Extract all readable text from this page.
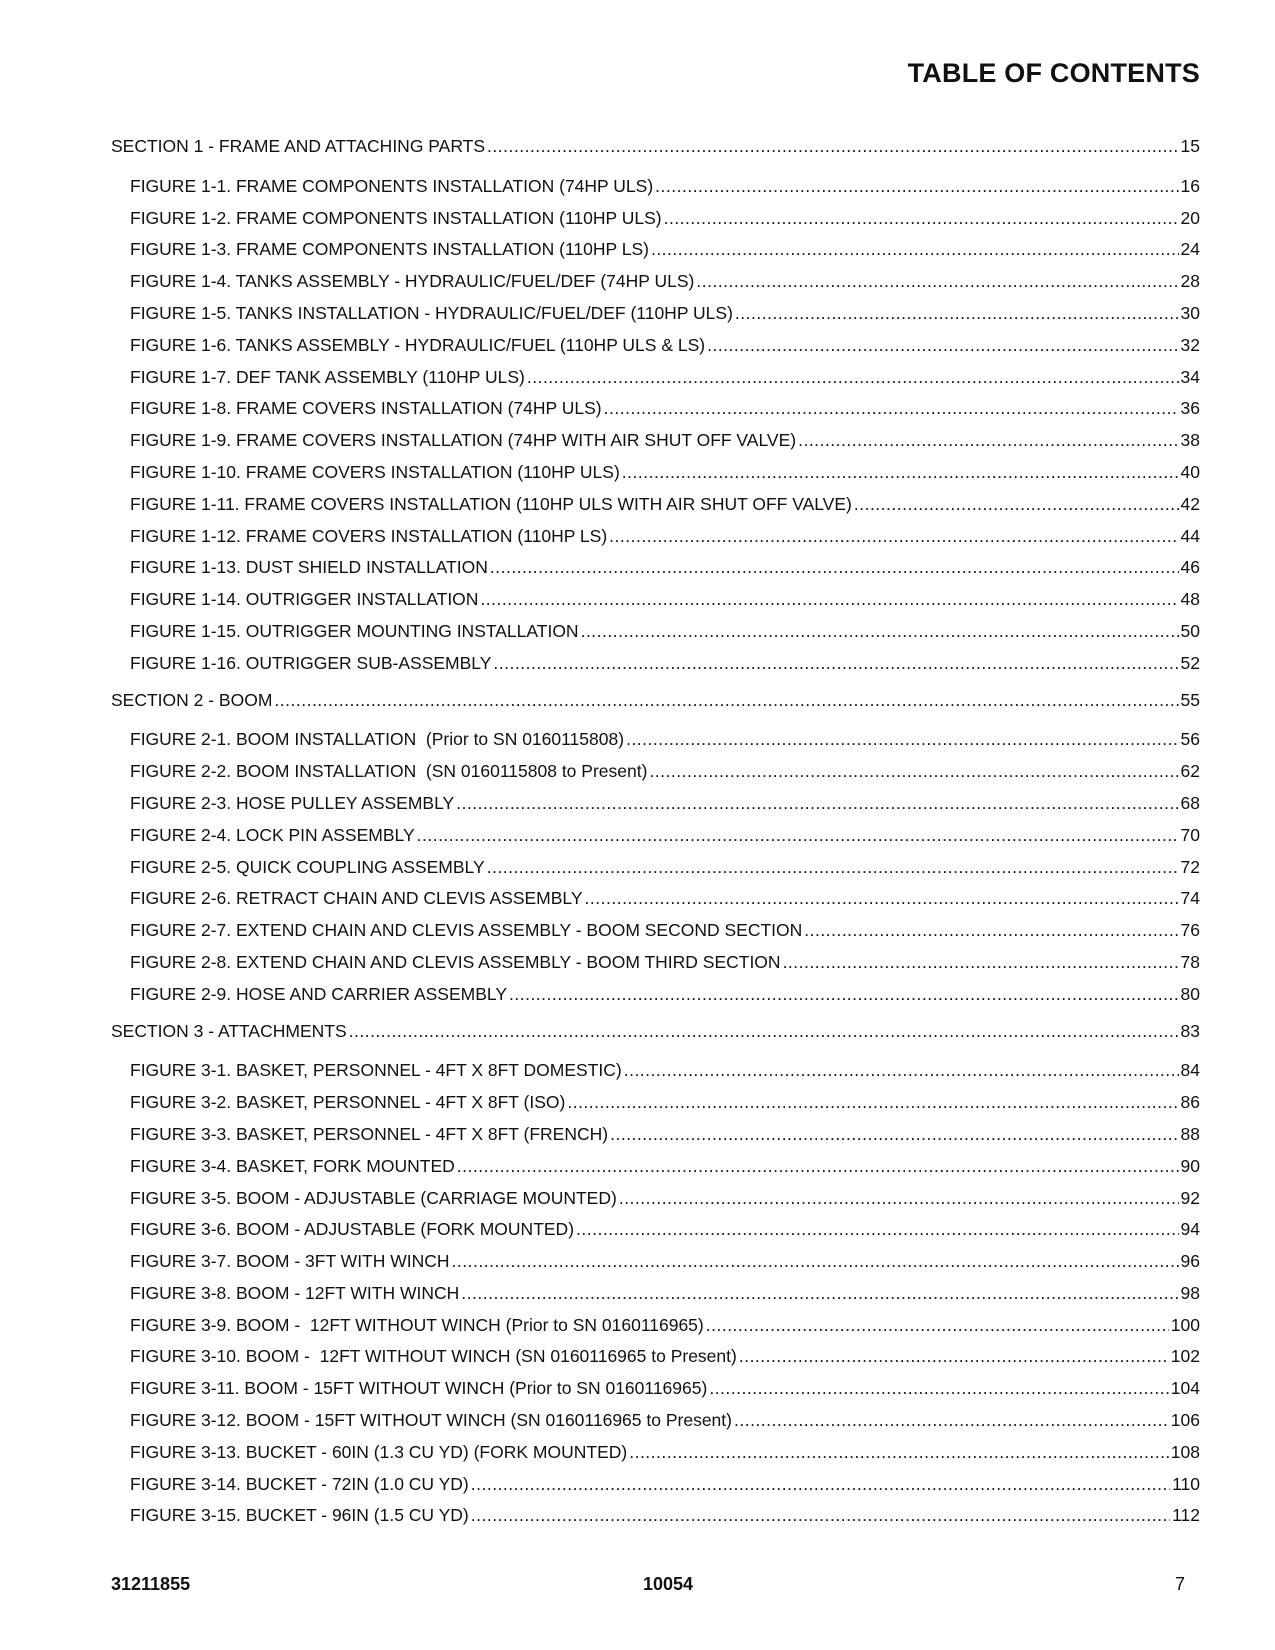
TABLE OF CONTENTS
SECTION 1 - FRAME AND ATTACHING PARTS .....	15
FIGURE 1-1. FRAME COMPONENTS INSTALLATION (74HP ULS) .....	16
FIGURE 1-2. FRAME COMPONENTS INSTALLATION (110HP ULS) .....	20
FIGURE 1-3. FRAME COMPONENTS INSTALLATION (110HP LS) .....	24
FIGURE 1-4. TANKS ASSEMBLY - HYDRAULIC/FUEL/DEF (74HP ULS) .....	28
FIGURE 1-5. TANKS INSTALLATION - HYDRAULIC/FUEL/DEF (110HP ULS) .....	30
FIGURE 1-6. TANKS ASSEMBLY - HYDRAULIC/FUEL (110HP ULS & LS) .....	32
FIGURE 1-7. DEF TANK ASSEMBLY (110HP ULS) .....	34
FIGURE 1-8. FRAME COVERS INSTALLATION (74HP ULS) .....	36
FIGURE 1-9. FRAME COVERS INSTALLATION (74HP WITH AIR SHUT OFF VALVE) .....	38
FIGURE 1-10. FRAME COVERS INSTALLATION (110HP ULS) .....	40
FIGURE 1-11. FRAME COVERS INSTALLATION (110HP ULS WITH AIR SHUT OFF VALVE) .....	42
FIGURE 1-12. FRAME COVERS INSTALLATION (110HP LS) .....	44
FIGURE 1-13. DUST SHIELD INSTALLATION .....	46
FIGURE 1-14. OUTRIGGER INSTALLATION .....	48
FIGURE 1-15. OUTRIGGER MOUNTING INSTALLATION .....	50
FIGURE 1-16. OUTRIGGER SUB-ASSEMBLY .....	52
SECTION 2 - BOOM .....	55
FIGURE 2-1. BOOM INSTALLATION  (Prior to SN 0160115808) .....	56
FIGURE 2-2. BOOM INSTALLATION  (SN 0160115808 to Present) .....	62
FIGURE 2-3. HOSE PULLEY ASSEMBLY .....	68
FIGURE 2-4. LOCK PIN ASSEMBLY .....	70
FIGURE 2-5. QUICK COUPLING ASSEMBLY .....	72
FIGURE 2-6. RETRACT CHAIN AND CLEVIS ASSEMBLY .....	74
FIGURE 2-7. EXTEND CHAIN AND CLEVIS ASSEMBLY - BOOM SECOND SECTION .....	76
FIGURE 2-8. EXTEND CHAIN AND CLEVIS ASSEMBLY - BOOM THIRD SECTION .....	78
FIGURE 2-9. HOSE AND CARRIER ASSEMBLY .....	80
SECTION 3 - ATTACHMENTS .....	83
FIGURE 3-1. BASKET, PERSONNEL - 4FT X 8FT DOMESTIC) .....	84
FIGURE 3-2. BASKET, PERSONNEL - 4FT X 8FT (ISO) .....	86
FIGURE 3-3. BASKET, PERSONNEL - 4FT X 8FT (FRENCH) .....	88
FIGURE 3-4. BASKET, FORK MOUNTED .....	90
FIGURE 3-5. BOOM - ADJUSTABLE (CARRIAGE MOUNTED) .....	92
FIGURE 3-6. BOOM - ADJUSTABLE (FORK MOUNTED) .....	94
FIGURE 3-7. BOOM - 3FT WITH WINCH .....	96
FIGURE 3-8. BOOM - 12FT WITH WINCH .....	98
FIGURE 3-9. BOOM -  12FT WITHOUT WINCH (Prior to SN 0160116965) .....	100
FIGURE 3-10. BOOM -  12FT WITHOUT WINCH (SN 0160116965 to Present) .....	102
FIGURE 3-11. BOOM - 15FT WITHOUT WINCH (Prior to SN 0160116965) .....	104
FIGURE 3-12. BOOM - 15FT WITHOUT WINCH (SN 0160116965 to Present) .....	106
FIGURE 3-13. BUCKET - 60IN (1.3 CU YD) (FORK MOUNTED) .....	108
FIGURE 3-14. BUCKET - 72IN (1.0 CU YD) .....	110
FIGURE 3-15. BUCKET - 96IN (1.5 CU YD) .....	112
31211855	10054	7
